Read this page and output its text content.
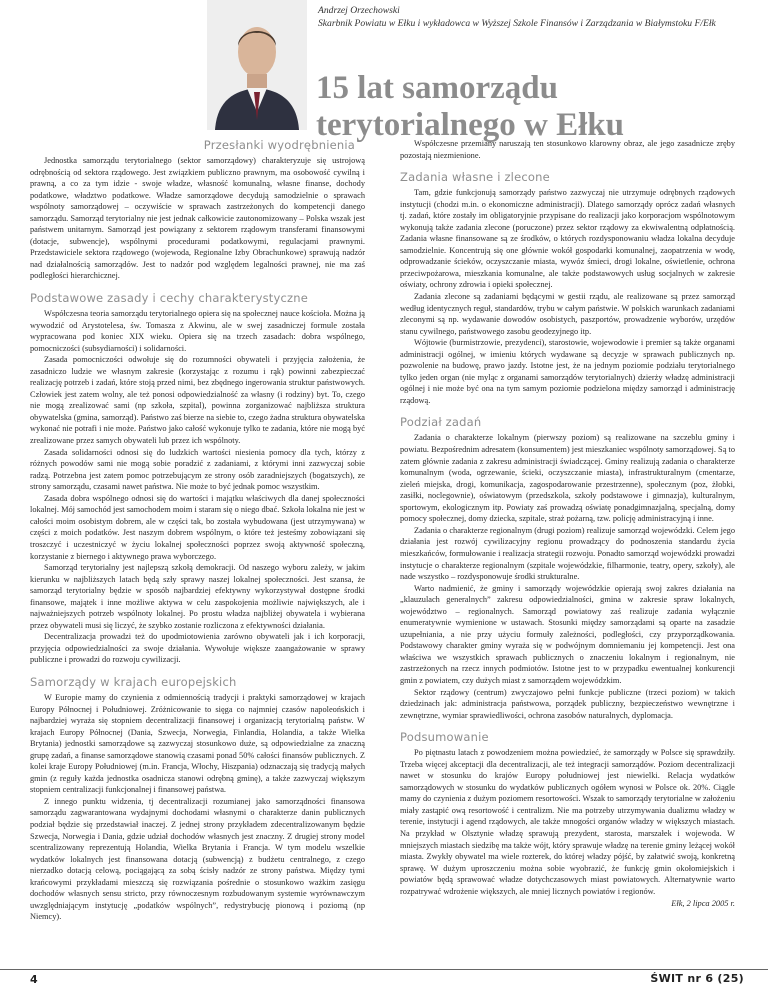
Andrzej Orzechowski
Skarbnik Powiatu w Ełku i wykładowca w Wyższej Szkole Finansów i Zarządzania w Białymstoku F/Ełk
15 lat samorządu terytorialnego w Ełku
Przesłanki wyodrębnienia

Jednostka samorządu terytorialnego (sektor samorządowy) charakteryzuje się ustrojową odrębnością od sektora rządowego. Jest związkiem publiczno prawnym, ma osobowość cywilną i prawną, a co za tym idzie - swoje władze, własność komunalną, własne finanse, dochody podatkowe, władztwo podatkowe. Władze samorządowe decydują samodzielnie o sprawach wspólnoty samorządowej – oczywiście w sprawach zastrzeżonych do kompetencji danego samorządu. Samorząd terytorialny nie jest jednak całkowicie zautonomizowany – Polska wszak jest państwem unitarnym. Samorząd jest powiązany z sektorem rządowym transferami finansowymi (dotacje, subwencje), wspólnymi procedurami podatkowymi, regulacjami prawnymi. Przedstawiciele sektora rządowego (wojewoda, Regionalne Izby Obrachunkowe) sprawują nadzór nad działalnością samorządów. Jest to nadzór pod względem legalności prawnej, nie ma zaś podległości hierarchicznej.

Podstawowe zasady i cechy charakterystyczne

Współczesna teoria samorządu terytorialnego opiera się na społecznej nauce kościoła. Można ją wywodzić od Arystotelesa, św. Tomasza z Akwinu, ale w swej zasadniczej formule została wypracowana pod koniec XIX wieku. Opiera się na trzech zasadach: dobra wspólnego, pomocniczości (subsydiarności) i solidarności.

Zasada pomocniczości odwołuje się do rozumności obywateli i przyjęcia założenia, że zasadniczo ludzie we własnym zakresie (korzystając z rozumu i rąk) powinni zabezpieczać realizację potrzeb i zadań, które stoją przed nimi, bez zbędnego ingerowania struktur państwowych. Człowiek jest zatem wolny, ale też ponosi odpowiedzialność za własny (i rodziny) byt. To, czego nie mogą zrealizować sami (np szkoła, szpital), powinna zorganizować najbliższa struktura obywatelska (gmina, samorząd). Państwo zaś bierze na siebie to, czego żadna struktura obywatelska wykonać nie potrafi i nie może. Państwo jako całość wykonuje tylko te zadania, które nie mogą być zrealizowane przez samych obywateli lub przez ich wspólnoty.

Zasada solidarności odnosi się do ludzkich wartości niesienia pomocy dla tych, którzy z różnych powodów sami nie mogą sobie poradzić z zadaniami, z którymi inni zazwyczaj sobie radzą. Potrzebna jest zatem pomoc potrzebującym ze strony osób zaradniejszych (bogatszych), ze strony samorządu, czasami nawet państwa. Nie może to być jednak pomoc wszystkim.

Zasada dobra wspólnego odnosi się do wartości i majątku właściwych dla danej społeczności lokalnej. Mój samochód jest samochodem moim i staram się o niego dbać. Szkoła lokalna nie jest w całości moim osobistym dobrem, ale w części tak, bo została wybudowana (jest utrzymywana) w części z moich podatków. Jest naszym dobrem wspólnym, o które też jesteśmy zobowiązani się troszczyć i uczestniczyć w życiu lokalnej społeczności poprzez swoją aktywność społeczną, korzystanie z biernego i aktywnego prawa wyborczego.

Samorząd terytorialny jest najlepszą szkołą demokracji. Od naszego wyboru zależy, w jakim kierunku w najbliższych latach będą szły sprawy naszej lokalnej społeczności. Jest szansa, że samorząd terytorialny będzie w sposób najbardziej efektywny wykorzystywał dostępne środki finansowe, majątek i inne możliwe aktywa w celu zaspokojenia możliwie największych, ale i najważniejszych potrzeb wspólnoty lokalnej. Po prostu władza najbliżej obywatela i wybierana przez obywateli musi się liczyć, że szybko zostanie rozliczona z efektywności działania.

Decentralizacja prowadzi też do upodmiotowienia zarówno obywateli jak i ich korporacji, przyjęcia odpowiedzialności za swoje działania. Wywołuje większe zaangażowanie w sprawy publiczne i prowadzi do rozwoju cywilizacji.

Samorządy w krajach europejskich

W Europie mamy do czynienia z odmiennością tradycji i praktyki samorządowej w krajach Europy Północnej i Południowej. Zróżnicowanie to sięga co najmniej czasów napoleońskich i najbardziej wyraża się stopniem decentralizacji finansowej i organizacją terytorialną państw. W krajach Europy Północnej (Dania, Szwecja, Norwegia, Finlandia, Holandia, a także Wielka Brytania) jednostki samorządowe są zazwyczaj stosunkowo duże, są odpowiedzialne za znaczną grupę zadań, a finanse samorządowe stanowią czasami ponad 50% całości finansów publicznych. Z kolei kraje Europy Południowej (m.in. Francja, Włochy, Hiszpania) odznaczają się tradycją małych gmin (z reguły każda jednostka osadnicza stanowi odrębną gminę), a także zazwyczaj większym stopniem centralizacji funkcjonalnej i finansowej państwa.

Z innego punktu widzenia, tj decentralizacji rozumianej jako samorządności finansowa samorządu zagwarantowana wydajnymi dochodami własnymi o charakterze danin publicznych podział będzie się przedstawiał inaczej. Z jednej strony przykładem zdecentralizowanym będzie Szwecja, Norwegia i Dania, gdzie udział dochodów własnych jest znaczny. Z drugiej strony model scentralizowany reprezentują Holandia, Wielka Brytania i Francja. W tym modelu wszelkie wydatków lokalnych jest finansowana dotacją (subwencją) z budżetu centralnego, z czego nierzadko dotacją celową, pociągającą za sobą ścisły nadzór ze strony państwa. Między tymi krańcowymi przykładami mieszczą się rozwiązania pośrednie o stosunkowo ważkim zasięgu dochodów własnych sensu stricto, przy równoczesnym rozbudowanym systemie wyrównawczym uwzględniającym instytucję „podatków wspólnych”, redystrybucję pionową i poziomą (np Niemcy).

Współczesne przemiany naruszają ten stosunkowo klarowny obraz, ale jego zasadnicze zręby pozostają niezmienione.

Zadania własne i zlecone

Tam, gdzie funkcjonują samorządy państwo zazwyczaj nie utrzymuje odrębnych rządowych instytucji (chodzi m.in. o ekonomiczne administracji). Dlatego samorządy oprócz zadań własnych tj. zadań, które zostały im obligatoryjnie przypisane do realizacji jako korporacjom wspólnotowym wykonują także zadania zlecone (poruczone) przez sektor rządowy za ekwiwalentną odpłatnością. Zadania własne finansowane są ze środków, o których rozdysponowaniu władza lokalna decyduje samodzielnie. Koncentrują się one głównie wokół gospodarki komunalnej, zaopatrzenia w wodę, odprowadzanie ścieków, oczyszczanie miasta, wywóz śmieci, drogi lokalne, oświetlenie, ochrona przeciwpożarowa, mieszkania komunalne, ale także podstawowych usług socjalnych w zakresie oświaty, ochrony zdrowia i opieki społecznej.

Zadania zlecone są zadaniami będącymi w gestii rządu, ale realizowane są przez samorząd według identycznych reguł, standardów, trybu w całym państwie. W polskich warunkach zadaniami zleconymi są np. wydawanie dowodów osobistych, paszportów, prowadzenie wyborów, urzędów stanu cywilnego, państwowego zasobu geodezyjnego itp.

Wójtowie (burmistrzowie, prezydenci), starostowie, wojewodowie i premier są także organami administracji ogólnej, w imieniu których wydawane są decyzje w sprawach publicznych np. pozwolenie na budowę, prawo jazdy. Istotne jest, że na jednym poziomie podziału terytorialnego tylko jeden organ (nie myląc z organami samorządów terytorialnych) dzierży władzę administracji ogólnej i nie może być ona na tym samym poziomie podzielona między samorząd i administrację rządową.

Podział zadań

Zadania o charakterze lokalnym (pierwszy poziom) są realizowane na szczeblu gminy i powiatu. Bezpośrednim adresatem (konsumentem) jest mieszkaniec wspólnoty samorządowej. Są to zatem głównie zadania z zakresu administracji świadczącej. Gminy realizują zadania o charakterze komunalnym (woda, ogrzewanie, ścieki, oczyszczanie miasta), infrastrukturalnym (cmentarze, zieleń miejska, drogi, komunikacja, zagospodarowanie przestrzenne), społecznym (poz, żłobki, zasiłki, noclegownie), oświatowym (przedszkola, szkoły podstawowe i gimnazja), kulturalnym, sportowym, ekologicznym itp. Powiaty zaś prowadzą oświatę ponadgimnazjalną, specjalną, domy pomocy społecznej, domy dziecka, szpitale, straż pożarną, tzw. policję administracyjną i inne.

Zadania o charakterze regionalnym (drugi poziom) realizuje samorząd wojewódzki. Celem jego działania jest rozwój cywilizacyjny regionu prowadzący do podnoszenia standardu życia mieszkańców, formułowanie i realizacja strategii rozwoju. Ponadto samorząd wojewódzki prowadzi instytucje o charakterze regionalnym (szpitale wojewódzkie, filharmonie, teatry, opery, szkoły), ale nade wszystko – rozdysponowuje środki strukturalne.

Warto nadmienić, że gminy i samorządy wojewódzkie opierają swoj zakres działania na „klauzulach generalnych” zakresu odpowiedzialności, gmina w zakresie spraw lokalnych, województwo – regionalnych. Samorząd powiatowy zaś realizuje zadania wyłącznie enumeratywnie wymienione w ustawach. Stosunki między samorządami są oparte na zasadzie uzupełniania, a nie przy użyciu formuły zależności, podległości, czy przyporządkowania. Podstawowy charakter gminy wyraża się w podwójnym domniemaniu jej kompetencji. Jest ona właściwa we wszystkich sprawach publicznych o znaczeniu lokalnym i regionalnym, nie zastrzeżonych na rzecz innych podmiotów. Istotne jest to w przypadku ewentualnej konkurencji gmin z powiatem, czy dużych miast z samorządem wojewódzkim.

Sektor rządowy (centrum) zwyczajowo pełni funkcje publiczne (trzeci poziom) w takich dziedzinach jak: administracja państwowa, porządek publiczny, bezpieczeństwo wewnętrzne i zewnętrzne, wymiar sprawiedliwości, ochrona zasobów naturalnych, dyplomacja.

Podsumowanie

Po piętnastu latach z powodzeniem można powiedzieć, że samorządy w Polsce się sprawdziły. Trzeba więcej akceptacji dla decentralizacji, ale też integracji samorządów. Poziom decentralizacji nawet w stosunku do krajów Europy południowej jest niewielki. Relacja wydatków samorządowych w stosunku do wydatków publicznych ogółem wynosi w Polsce ok. 20%. Ciągle mamy do czynienia z dużym poziomem resortowości. Wszak to samorządy terytorialne w założeniu miały zastąpić ową resortowość i centralizm. Nie ma potrzeby utrzymywania dualizmu władzy w terenie, instytucji i agend rządowych, ale także mnogości organów władzy w większych miastach. Na przykład w Olsztynie władzę sprawują prezydent, starosta, marszałek i wojewoda. W mniejszych miastach siedzibę ma także wójt, który sprawuje władzę na terenie gminy leżącej wokół miasta. Zwykły obywatel ma wiele rozterek, do której władzy pójść, by załatwić swoją, konkretną sprawę. W dużym uproszczeniu można sobie wyobrazić, że funkcję gmin okołomiejskich i powiatów będą sprawować władze dotychczasowych miast powiatowych. Alternatywnie warto rozpatrywać wdrożenie większych, ale mniej licznych powiatów i regionów.

Ełk, 2 lipca 2005 r.
4	ŚWIT nr 6 (25)
